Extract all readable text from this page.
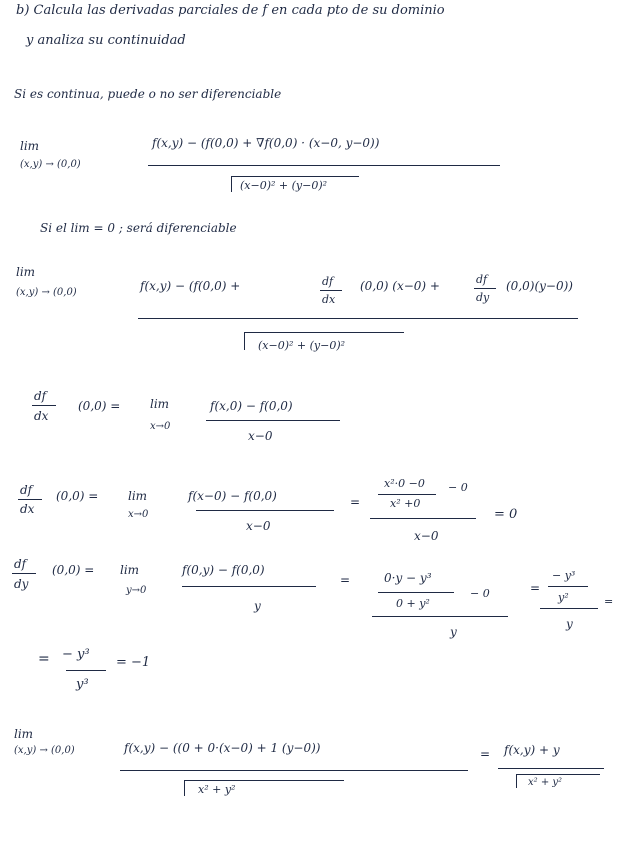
b) Calcula las derivadas parciales de f en cada pto de su dominio
y analiza su continuidad
Si es continua, puede o no ser diferenciable
lim
(x,y) → (0,0)
f(x,y) − (f(0,0) + ∇f(0,0) · (x−0, y−0))
(x−0)² + (y−0)²
Si el lim = 0 ; será diferenciable
lim
(x,y) → (0,0)	f(x,y) − (f(0,0) +	df
dx
(0,0) (x−0) +	df
dy
(0,0)(y−0))
(x−0)² + (y−0)²
df
dx
(0,0) = lim
x→0
f(x,0) − f(0,0)
x−0
df
dx
(0,0) = lim
x→0
f(x−0) − f(0,0)
x−0
=
x²·0 −0
x² +0
− 0
x−0
= 0
df
dy
(0,0) = lim
y→0
f(0,y) − f(0,0)
y
=	0·y − y³
0 + y²
− 0
y
=
− y³
y²
y
=
= − y³
y³
= −1
lim
(x,y) → (0,0)	f(x,y) − ((0 + 0·(x−0) + 1 (y−0))
x² + y²
= f(x,y) + y
x² + y²
